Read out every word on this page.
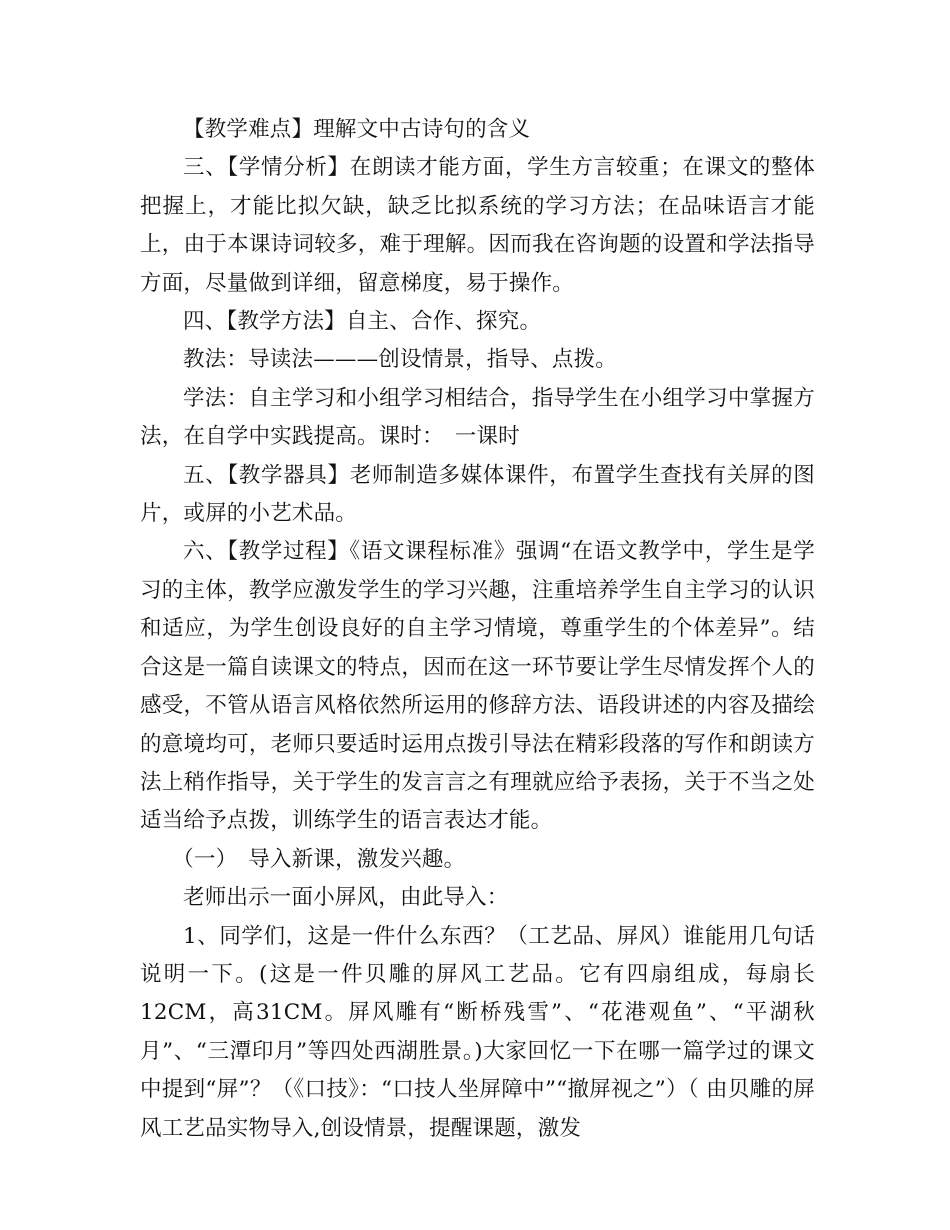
【教学难点】理解文中古诗句的含义

三、【学情分析】在朗读才能方面，学生方言较重；在课文的整体把握上，才能比拟欠缺，缺乏比拟系统的学习方法；在品味语言才能上，由于本课诗词较多，难于理解。因而我在咨询题的设置和学法指导方面，尽量做到详细，留意梯度，易于操作。

四、【教学方法】自主、合作、探究。

教法：导读法———创设情景，指导、点拨。

学法：自主学习和小组学习相结合，指导学生在小组学习中掌握方法，在自学中实践提高。课时：　一课时

五、【教学器具】老师制造多媒体课件，布置学生查找有关屏的图片，或屏的小艺术品。

六、【教学过程】《语文课程标准》强调“在语文教学中，学生是学习的主体，教学应激发学生的学习兴趣，注重培养学生自主学习的认识和适应，为学生创设良好的自主学习情境，尊重学生的个体差异”。结合这是一篇自读课文的特点，因而在这一环节要让学生尽情发挥个人的感受，不管从语言风格依然所运用的修辞方法、语段讲述的内容及描绘的意境均可，老师只要适时运用点拨引导法在精彩段落的写作和朗读方法上稍作指导，关于学生的发言言之有理就应给予表扬，关于不当之处适当给予点拨，训练学生的语言表达才能。

（一）　导入新课，激发兴趣。

老师出示一面小屏风，由此导入：

1、同学们，这是一件什么东西？（工艺品、屏风）谁能用几句话说明一下。(这是一件贝雕的屏风工艺品。它有四扇组成，每扇长12CM，高31CM。屏风雕有“断桥残雪”、“花港观鱼”、“平湖秋月”、“三潭印月”等四处西湖胜景。)大家回忆一下在哪一篇学过的课文中提到“屏”？（《口技》：“口技人坐屏障中”“撤屏视之”）（ 由贝雕的屏风工艺品实物导入,创设情景，提醒课题，激发
